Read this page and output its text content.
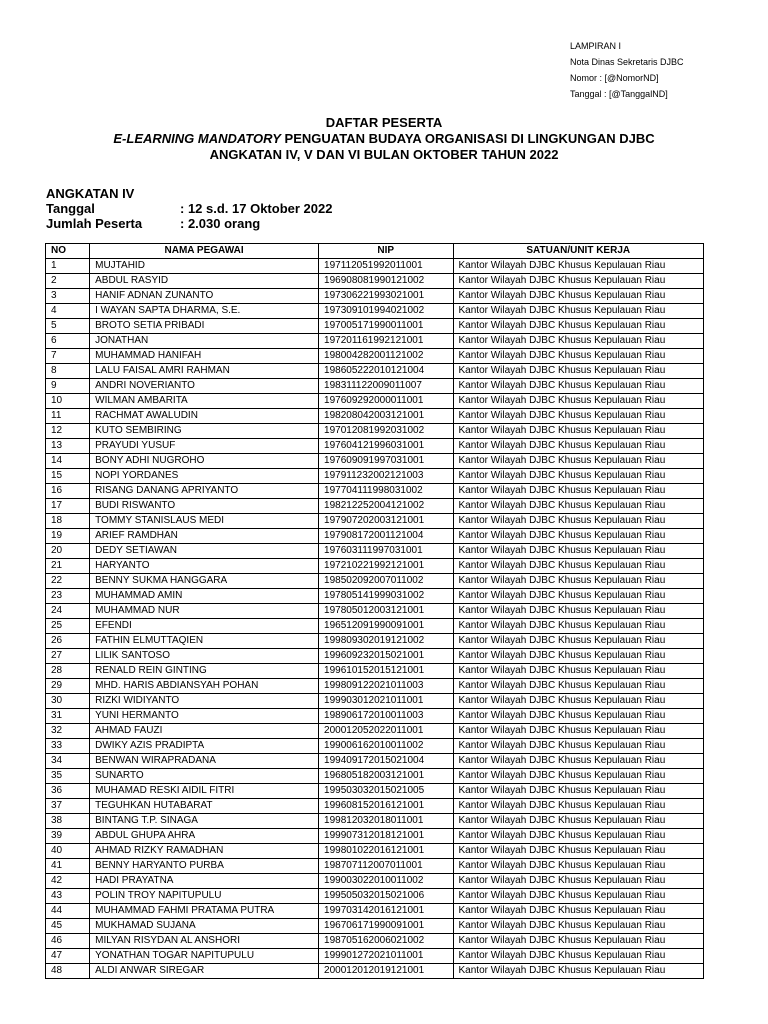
LAMPIRAN I
Nota Dinas Sekretaris DJBC
Nomor : [@NomorND]
Tanggal : [@TanggalND]
DAFTAR PESERTA
E-LEARNING MANDATORY PENGUATAN BUDAYA ORGANISASI DI LINGKUNGAN DJBC
ANGKATAN IV, V DAN VI BULAN OKTOBER TAHUN 2022
ANGKATAN IV
Tanggal	: 12 s.d. 17 Oktober 2022
Jumlah Peserta	: 2.030 orang
NO	NAMA PEGAWAI	NIP	SATUAN/UNIT KERJA
1	MUJTAHID	197112051992011001	Kantor Wilayah DJBC Khusus Kepulauan Riau
2	ABDUL RASYID	196908081990121002	Kantor Wilayah DJBC Khusus Kepulauan Riau
3	HANIF ADNAN ZUNANTO	197306221993021001	Kantor Wilayah DJBC Khusus Kepulauan Riau
4	I WAYAN SAPTA DHARMA, S.E.	197309101994021002	Kantor Wilayah DJBC Khusus Kepulauan Riau
5	BROTO SETIA PRIBADI	197005171990011001	Kantor Wilayah DJBC Khusus Kepulauan Riau
6	JONATHAN	197201161992121001	Kantor Wilayah DJBC Khusus Kepulauan Riau
7	MUHAMMAD HANIFAH	198004282001121002	Kantor Wilayah DJBC Khusus Kepulauan Riau
8	LALU FAISAL AMRI RAHMAN	198605222010121004	Kantor Wilayah DJBC Khusus Kepulauan Riau
9	ANDRI NOVERIANTO	198311122009011007	Kantor Wilayah DJBC Khusus Kepulauan Riau
10	WILMAN AMBARITA	197609292000011001	Kantor Wilayah DJBC Khusus Kepulauan Riau
11	RACHMAT AWALUDIN	198208042003121001	Kantor Wilayah DJBC Khusus Kepulauan Riau
12	KUTO SEMBIRING	197012081992031002	Kantor Wilayah DJBC Khusus Kepulauan Riau
13	PRAYUDI YUSUF	197604121996031001	Kantor Wilayah DJBC Khusus Kepulauan Riau
14	BONY ADHI NUGROHO	197609091997031001	Kantor Wilayah DJBC Khusus Kepulauan Riau
15	NOPI YORDANES	197911232002121003	Kantor Wilayah DJBC Khusus Kepulauan Riau
16	RISANG DANANG APRIYANTO	197704111998031002	Kantor Wilayah DJBC Khusus Kepulauan Riau
17	BUDI RISWANTO	198212252004121002	Kantor Wilayah DJBC Khusus Kepulauan Riau
18	TOMMY STANISLAUS MEDI	197907202003121001	Kantor Wilayah DJBC Khusus Kepulauan Riau
19	ARIEF RAMDHAN	197908172001121004	Kantor Wilayah DJBC Khusus Kepulauan Riau
20	DEDY SETIAWAN	197603111997031001	Kantor Wilayah DJBC Khusus Kepulauan Riau
21	HARYANTO	197210221992121001	Kantor Wilayah DJBC Khusus Kepulauan Riau
22	BENNY SUKMA HANGGARA	198502092007011002	Kantor Wilayah DJBC Khusus Kepulauan Riau
23	MUHAMMAD AMIN	197805141999031002	Kantor Wilayah DJBC Khusus Kepulauan Riau
24	MUHAMMAD NUR	197805012003121001	Kantor Wilayah DJBC Khusus Kepulauan Riau
25	EFENDI	196512091990091001	Kantor Wilayah DJBC Khusus Kepulauan Riau
26	FATHIN ELMUTTAQIEN	199809302019121002	Kantor Wilayah DJBC Khusus Kepulauan Riau
27	LILIK SANTOSO	199609232015021001	Kantor Wilayah DJBC Khusus Kepulauan Riau
28	RENALD REIN GINTING	199610152015121001	Kantor Wilayah DJBC Khusus Kepulauan Riau
29	MHD. HARIS ABDIANSYAH POHAN	199809122021011003	Kantor Wilayah DJBC Khusus Kepulauan Riau
30	RIZKI WIDIYANTO	199903012021011001	Kantor Wilayah DJBC Khusus Kepulauan Riau
31	YUNI HERMANTO	198906172010011003	Kantor Wilayah DJBC Khusus Kepulauan Riau
32	AHMAD FAUZI	200012052022011001	Kantor Wilayah DJBC Khusus Kepulauan Riau
33	DWIKY AZIS PRADIPTA	199006162010011002	Kantor Wilayah DJBC Khusus Kepulauan Riau
34	BENWAN WIRAPRADANA	199409172015021004	Kantor Wilayah DJBC Khusus Kepulauan Riau
35	SUNARTO	196805182003121001	Kantor Wilayah DJBC Khusus Kepulauan Riau
36	MUHAMAD RESKI AIDIL FITRI	199503032015021005	Kantor Wilayah DJBC Khusus Kepulauan Riau
37	TEGUHKAN HUTABARAT	199608152016121001	Kantor Wilayah DJBC Khusus Kepulauan Riau
38	BINTANG T.P. SINAGA	199812032018011001	Kantor Wilayah DJBC Khusus Kepulauan Riau
39	ABDUL GHUPA AHRA	199907312018121001	Kantor Wilayah DJBC Khusus Kepulauan Riau
40	AHMAD RIZKY RAMADHAN	199801022016121001	Kantor Wilayah DJBC Khusus Kepulauan Riau
41	BENNY HARYANTO PURBA	198707112007011001	Kantor Wilayah DJBC Khusus Kepulauan Riau
42	HADI PRAYATNA	199003022010011002	Kantor Wilayah DJBC Khusus Kepulauan Riau
43	POLIN TROY NAPITUPULU	199505032015021006	Kantor Wilayah DJBC Khusus Kepulauan Riau
44	MUHAMMAD FAHMI PRATAMA PUTRA	199703142016121001	Kantor Wilayah DJBC Khusus Kepulauan Riau
45	MUKHAMAD SUJANA	196706171990091001	Kantor Wilayah DJBC Khusus Kepulauan Riau
46	MILYAN RISYDAN AL ANSHORI	198705162006021002	Kantor Wilayah DJBC Khusus Kepulauan Riau
47	YONATHAN TOGAR NAPITUPULU	199901272021011001	Kantor Wilayah DJBC Khusus Kepulauan Riau
48	ALDI ANWAR SIREGAR	200012012019121001	Kantor Wilayah DJBC Khusus Kepulauan Riau
